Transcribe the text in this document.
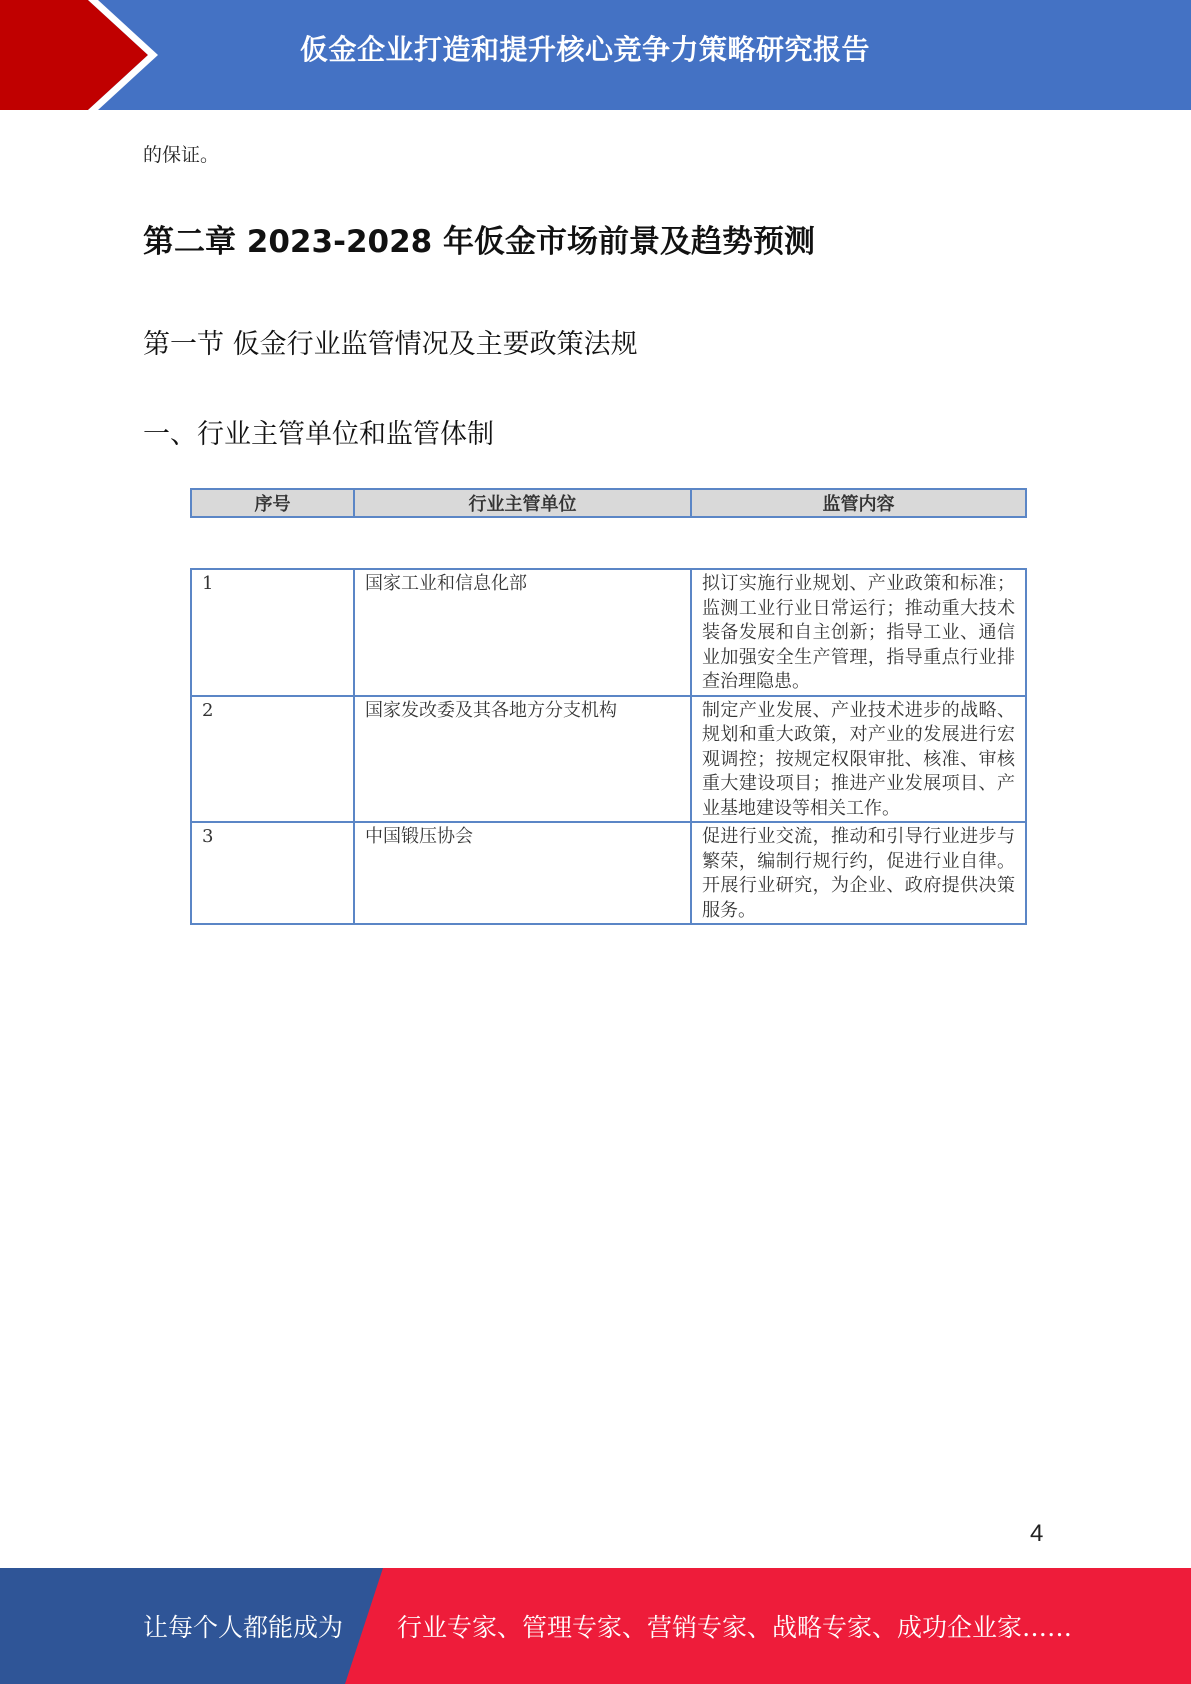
仮金企业打造和提升核心竞争力策略研究报告
的保证。
第二章 2023-2028 年仮金市场前景及趋势预测
第一节 仮金行业监管情况及主要政策法规
一、行业主管单位和监管体制
序号	行业主管单位	监管内容
1	国家工业和信息化部	拟订实施行业规划、产业政策和标准；监测工业行业日常运行；推动重大技术装备发展和自主创新；指导工业、通信业加强安全生产管理，指导重点行业排查治理隐患。
2	国家发改委及其各地方分支机构	制定产业发展、产业技术进步的战略、规划和重大政策，对产业的发展进行宏观调控；按规定权限审批、核准、审核重大建设项目；推进产业发展项目、产业基地建设等相关工作。
3	中国锻压协会	促进行业交流，推动和引导行业进步与繁荣，编制行规行约，促进行业自律。开展行业研究，为企业、政府提供决策服务。
4
让每个人都能成为 行业专家、管理专家、营销专家、战略专家、成功企业家……
